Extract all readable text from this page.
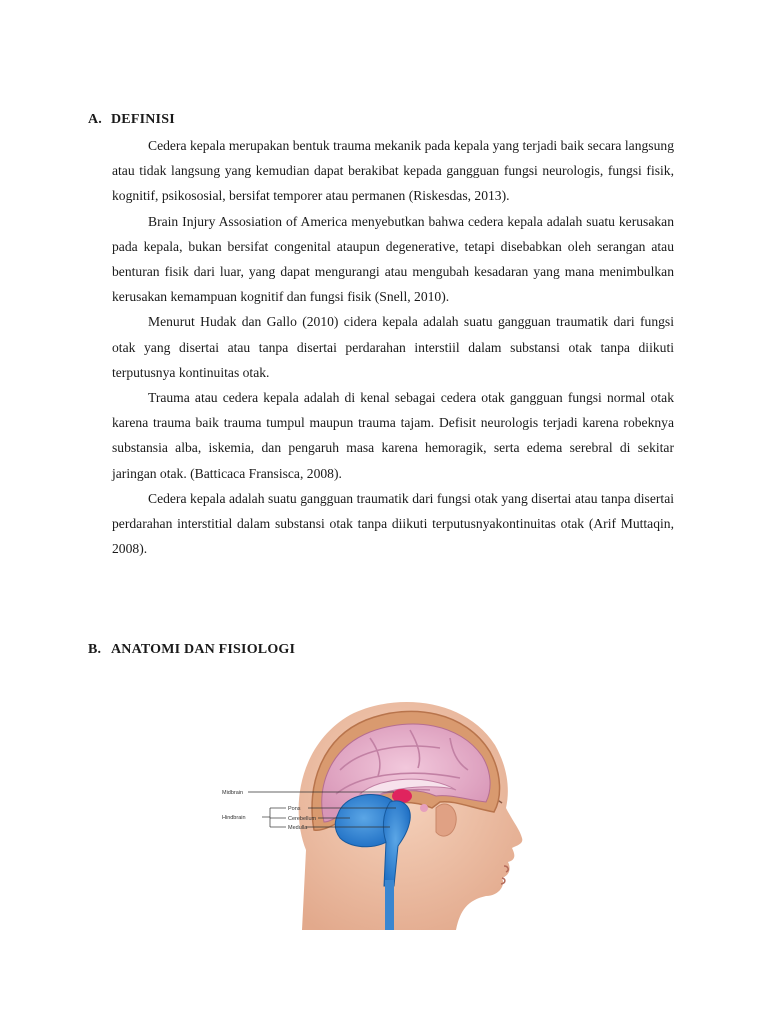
A. DEFINISI

Cedera kepala merupakan bentuk trauma mekanik pada kepala yang terjadi baik secara langsung atau tidak langsung yang kemudian dapat berakibat kepada gangguan fungsi neurologis, fungsi fisik, kognitif, psikososial, bersifat temporer atau permanen (Riskesdas, 2013).

Brain Injury Assosiation of America menyebutkan bahwa cedera kepala adalah suatu kerusakan pada kepala, bukan bersifat congenital ataupun degenerative, tetapi disebabkan oleh serangan atau benturan fisik dari luar, yang dapat mengurangi atau mengubah kesadaran yang mana menimbulkan kerusakan kemampuan kognitif dan fungsi fisik (Snell, 2010).

Menurut Hudak dan Gallo (2010) cidera kepala adalah suatu gangguan traumatik dari fungsi otak yang disertai atau tanpa disertai perdarahan interstiil dalam substansi otak tanpa diikuti terputusnya kontinuitas otak.

Trauma atau cedera kepala adalah di kenal sebagai cedera otak gangguan fungsi normal otak karena trauma baik trauma tumpul maupun trauma tajam. Defisit neurologis terjadi karena robeknya substansia alba, iskemia, dan pengaruh masa karena hemoragik, serta edema serebral di sekitar jaringan otak. (Batticaca Fransisca, 2008).

Cedera kepala adalah suatu gangguan traumatik dari fungsi otak yang disertai atau tanpa disertai perdarahan interstitial dalam substansi otak tanpa diikuti terputusnyakontinuitas otak (Arif Muttaqin, 2008).

B. ANATOMI DAN FISIOLOGI
Midbrain
Hindbrain
Pons
Cerebellum
Medulla
